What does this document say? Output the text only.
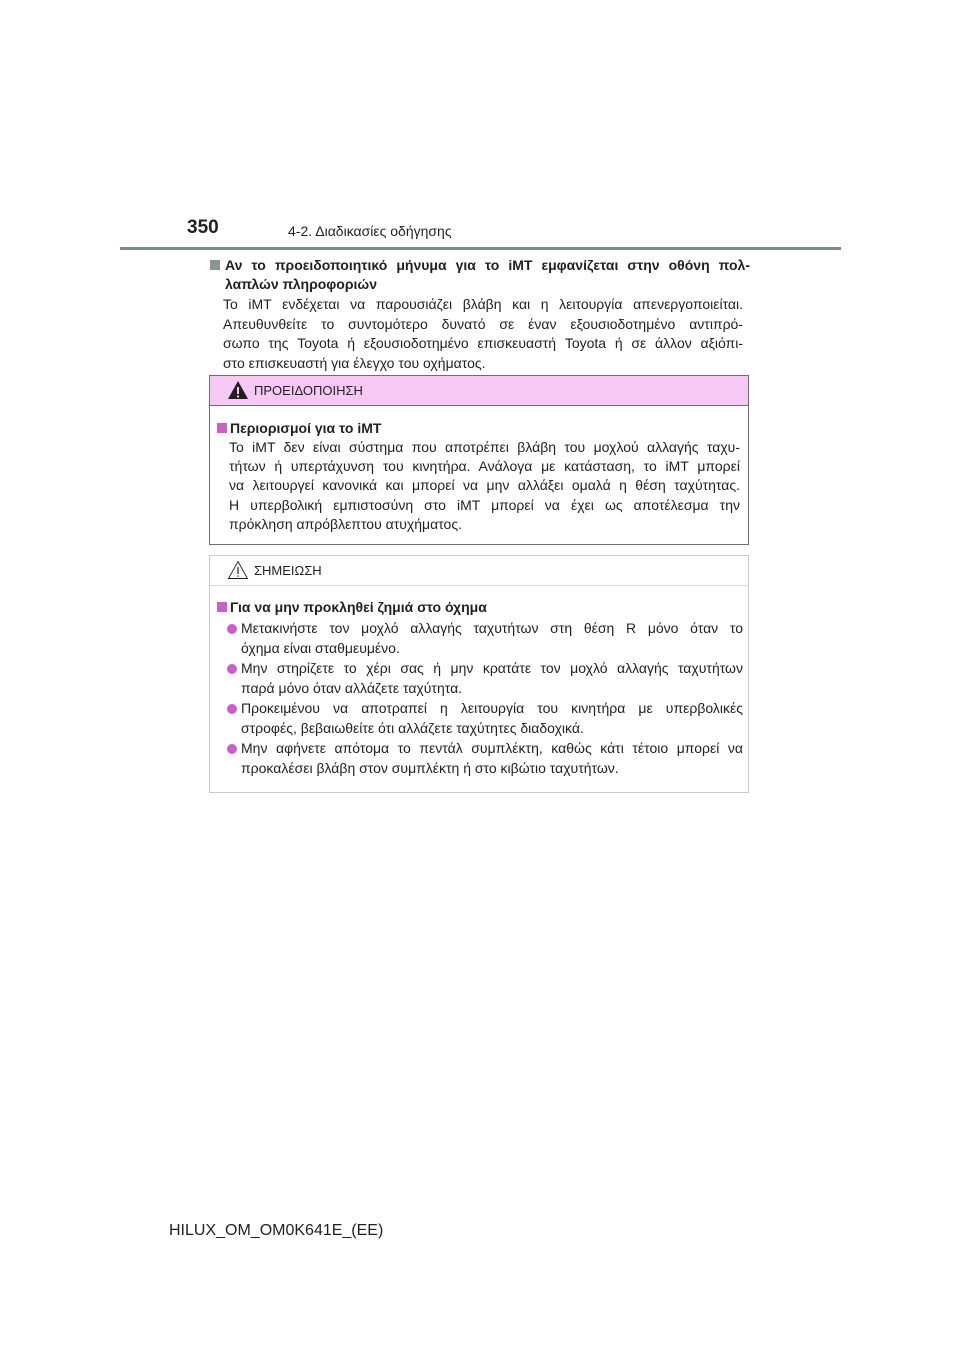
350	4-2. Διαδικασίες οδήγησης
Αν το προειδοποιητικό μήνυμα για το iMT εμφανίζεται στην οθόνη πολ-
λαπλών πληροφοριών
Το iMT ενδέχεται να παρουσιάζει βλάβη και η λειτουργία απενεργοποιείται.
Απευθυνθείτε το συντομότερο δυνατό σε έναν εξουσιοδοτημένο αντιπρό-
σωπο της Toyota ή εξουσιοδοτημένο επισκευαστή Toyota ή σε άλλον αξιόπι-
στο επισκευαστή για έλεγχο του οχήματος.
ΠΡΟΕΙΔΟΠΟΙΗΣΗ
Περιορισμοί για το iMT
Το iMT δεν είναι σύστημα που αποτρέπει βλάβη του μοχλού αλλαγής ταχυ-
τήτων ή υπερτάχυνση του κινητήρα. Ανάλογα με κατάσταση, το iMT μπορεί
να λειτουργεί κανονικά και μπορεί να μην αλλάξει ομαλά η θέση ταχύτητας.
Η υπερβολική εμπιστοσύνη στο iMT μπορεί να έχει ως αποτέλεσμα την
πρόκληση απρόβλεπτου ατυχήματος.
ΣΗΜΕΙΩΣΗ
Για να μην προκληθεί ζημιά στο όχημα
Μετακινήστε τον μοχλό αλλαγής ταχυτήτων στη θέση R μόνο όταν το
όχημα είναι σταθμευμένο.
Μην στηρίζετε το χέρι σας ή μην κρατάτε τον μοχλό αλλαγής ταχυτήτων
παρά μόνο όταν αλλάζετε ταχύτητα.
Προκειμένου να αποτραπεί η λειτουργία του κινητήρα με υπερβολικές
στροφές, βεβαιωθείτε ότι αλλάζετε ταχύτητες διαδοχικά.
Μην αφήνετε απότομα το πεντάλ συμπλέκτη, καθώς κάτι τέτοιο μπορεί να
προκαλέσει βλάβη στον συμπλέκτη ή στο κιβώτιο ταχυτήτων.
HILUX_OM_OM0K641E_(EE)
